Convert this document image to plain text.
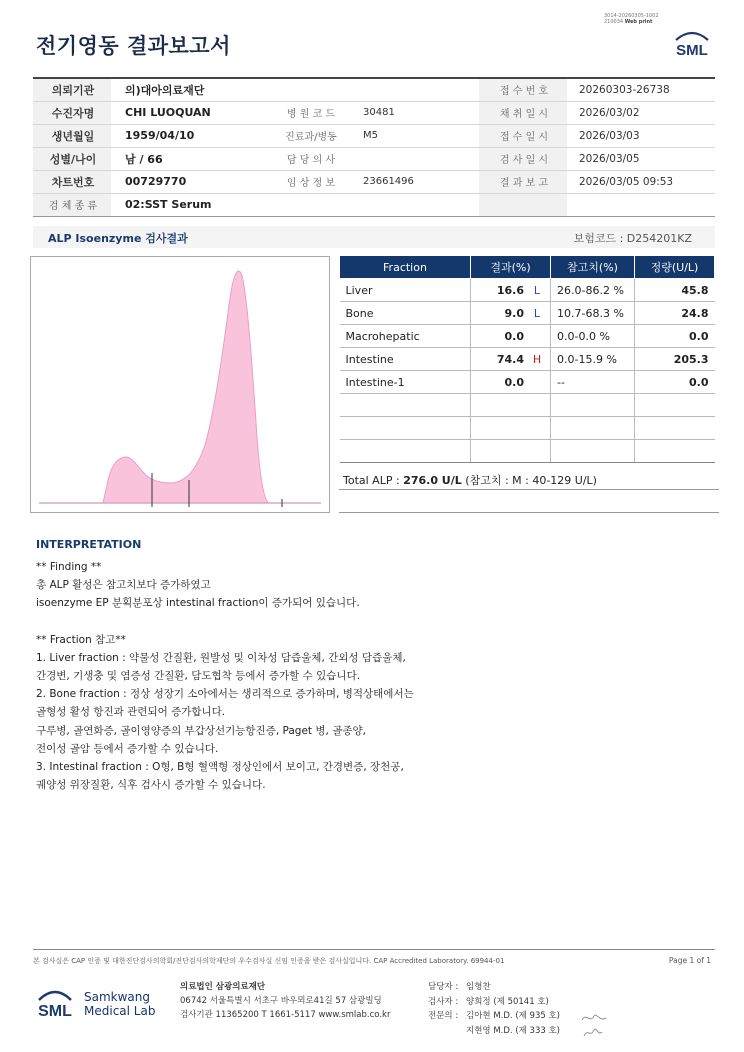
전기영동 결과보고서
3014-20260305-1002
210034 Web print
SML
의뢰기관	의)대아의료재단			접 수 번 호	20260303-26738
수진자명	CHI LUOQUAN	병 원 코 드	30481	채 취 일 시	2026/03/02
생년월일	1959/04/10	진료과/병동	M5	접 수 일 시	2026/03/03
성별/나이	남 / 66	담 당 의 사		검 사 일 시	2026/03/05
차트번호	00729770	임 상 정 보	23661496	결 과 보 고	2026/03/05 09:53
검 체 종 류	02:SST Serum				
ALP Isoenzyme 검사결과	보험코드 : D254201KZ
Fraction	결과(%)	참고치(%)	정량(U/L)
Liver	16.6 L	26.0-86.2 %	45.8
Bone	9.0 L	10.7-68.3 %	24.8
Macrohepatic	0.0	0.0-0.0 %	0.0
Intestine	74.4 H	0.0-15.9 %	205.3
Intestine-1	0.0	--	0.0

Total ALP : 276.0 U/L (참고치 : M : 40-129 U/L)
INTERPRETATION

** Finding **

총 ALP 활성은 참고치보다 증가하였고

isoenzyme EP 분획분포상 intestinal fraction이 증가되어 있습니다.

** Fraction 참고**

1. Liver fraction : 약물성 간질환, 원발성 및 이차성 담즙울체, 간외성 담즙울체,

간경변, 기생충 및 염증성 간질환, 담도협착 등에서 증가할 수 있습니다.

2. Bone fraction : 정상 성장기 소아에서는 생리적으로 증가하며, 병적상태에서는

골형성 활성 항진과 관련되어 증가합니다.

구루병, 골연화증, 골이영양증의 부갑상선기능항진증, Paget 병, 골종양,

전이성 골암 등에서 증가할 수 있습니다.

3. Intestinal fraction : O형, B형 혈액형 정상인에서 보이고, 간경변증, 장천공,

궤양성 위장질환, 식후 검사시 증가할 수 있습니다.

본 검사실은 CAP 인증 및 대한진단검사의학회/진단검사의학재단의 우수검사실 신임 인증을 받은 검사실입니다. CAP Accredited Laboratory. 69944-01	Page 1 of 1
SML
Samkwang
Medical Lab
의료법인 삼광의료재단
06742 서울특별시 서초구 바우뫼로41길 57 삼광빌딩
검사기관 11365200 T 1661-5117 www.smlab.co.kr
담당자 : 임형찬
검사자 : 양희정 (제 50141 호)
전문의 : 김아현 M.D. (제 935 호)
지현영 M.D. (제 333 호)
